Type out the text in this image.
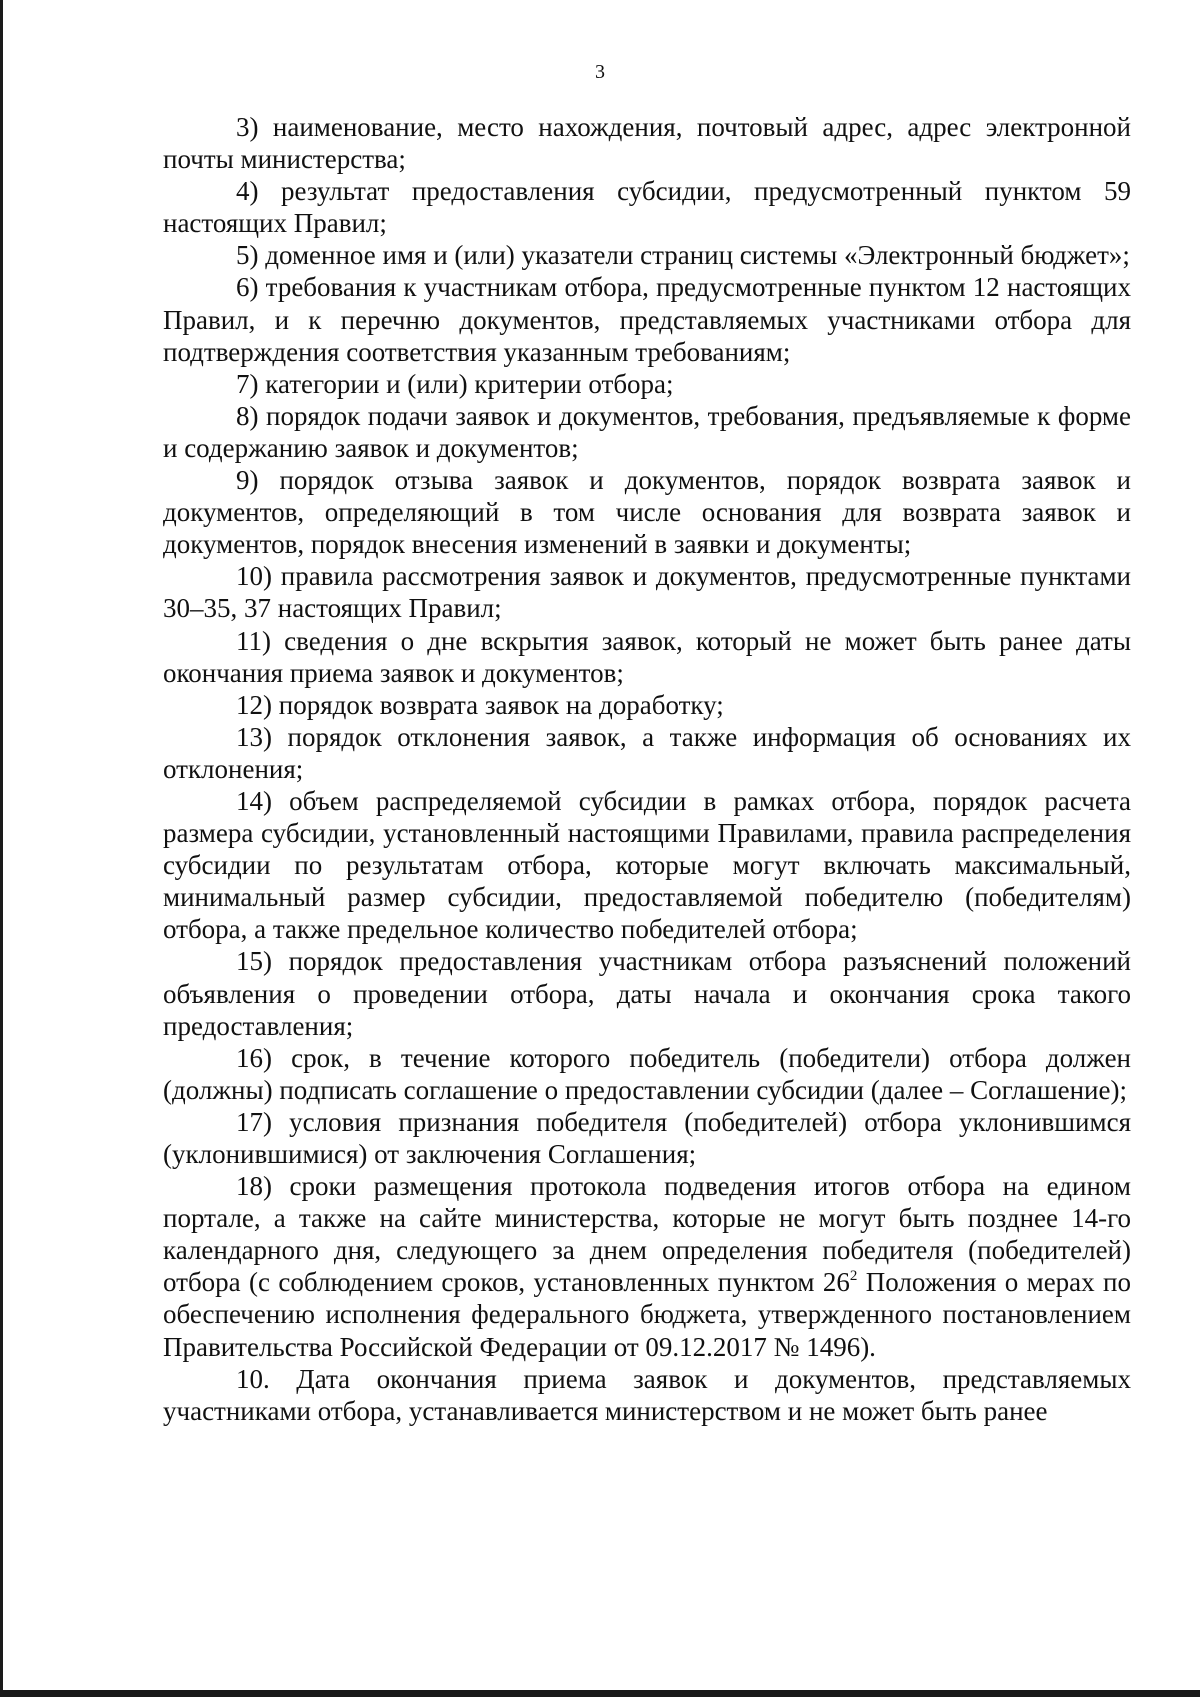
3

3) наименование, место нахождения, почтовый адрес, адрес электронной почты министерства;

4) результат предоставления субсидии, предусмотренный пунктом 59 настоящих Правил;

5) доменное имя и (или) указатели страниц системы «Электронный бюджет»;

6) требования к участникам отбора, предусмотренные пунктом 12 настоящих Правил, и к перечню документов, представляемых участниками отбора для подтверждения соответствия указанным требованиям;

7) категории и (или) критерии отбора;

8) порядок подачи заявок и документов, требования, предъявляемые к форме и содержанию заявок и документов;

9) порядок отзыва заявок и документов, порядок возврата заявок и документов, определяющий в том числе основания для возврата заявок и документов, порядок внесения изменений в заявки и документы;

10) правила рассмотрения заявок и документов, предусмотренные пунктами 30–35, 37 настоящих Правил;

11) сведения о дне вскрытия заявок, который не может быть ранее даты окончания приема заявок и документов;

12) порядок возврата заявок на доработку;

13) порядок отклонения заявок, а также информация об основаниях их отклонения;

14) объем распределяемой субсидии в рамках отбора, порядок расчета размера субсидии, установленный настоящими Правилами, правила распределения субсидии по результатам отбора, которые могут включать максимальный, минимальный размер субсидии, предоставляемой победителю (победителям) отбора, а также предельное количество победителей отбора;

15) порядок предоставления участникам отбора разъяснений положений объявления о проведении отбора, даты начала и окончания срока такого предоставления;

16) срок, в течение которого победитель (победители) отбора должен (должны) подписать соглашение о предоставлении субсидии (далее – Соглашение);

17) условия признания победителя (победителей) отбора уклонившимся (уклонившимися) от заключения Соглашения;

18) сроки размещения протокола подведения итогов отбора на едином портале, а также на сайте министерства, которые не могут быть позднее 14-го календарного дня, следующего за днем определения победителя (победителей) отбора (с соблюдением сроков, установленных пунктом $26^2$ Положения о мерах по обеспечению исполнения федерального бюджета, утвержденного постановлением Правительства Российской Федерации от 09.12.2017 № 1496).

10. Дата окончания приема заявок и документов, представляемых участниками отбора, устанавливается министерством и не может быть ранее
